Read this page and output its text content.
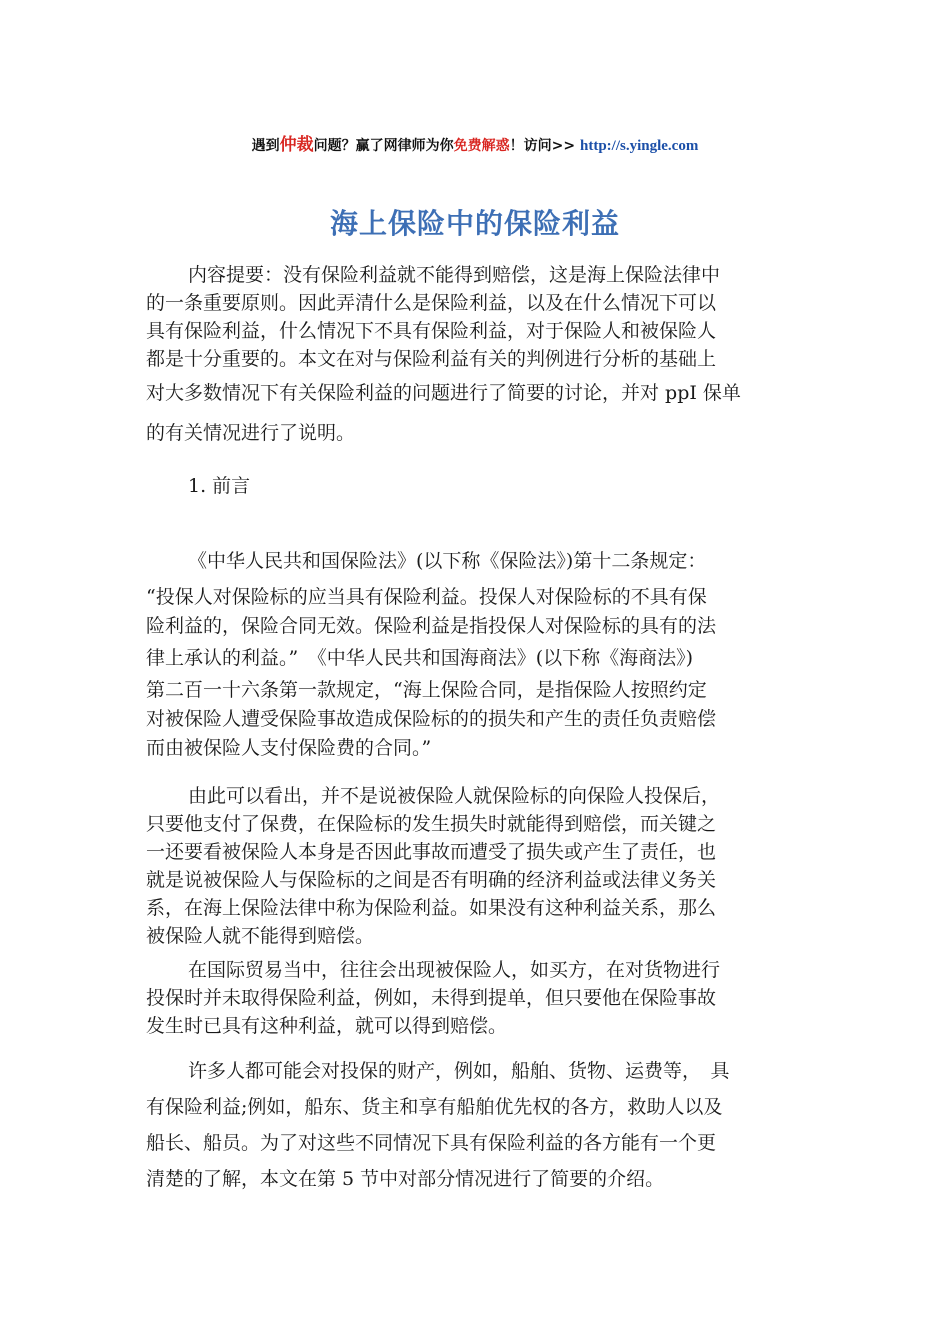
遇到仲裁问题？赢了网律师为你免费解惑！访问>> http://s.yingle.com
海上保险中的保险利益
内容提要：没有保险利益就不能得到赔偿，这是海上保险法律中
的一条重要原则。因此弄清什么是保险利益，以及在什么情况下可以
具有保险利益，什么情况下不具有保险利益，对于保险人和被保险人
都是十分重要的。本文在对与保险利益有关的判例进行分析的基础上
对大多数情况下有关保险利益的问题进行了简要的讨论，并对 ppI 保单
的有关情况进行了说明。
1. 前言
《中华人民共和国保险法》(以下称《保险法》)第十二条规定：
“投保人对保险标的应当具有保险利益。投保人对保险标的不具有保
险利益的，保险合同无效。保险利益是指投保人对保险标的具有的法
律上承认的利益。”　《中华人民共和国海商法》(以下称《海商法》)
第二百一十六条第一款规定，“海上保险合同，是指保险人按照约定
对被保险人遭受保险事故造成保险标的的损失和产生的责任负责赔偿
而由被保险人支付保险费的合同。”
由此可以看出，并不是说被保险人就保险标的向保险人投保后，
只要他支付了保费，在保险标的发生损失时就能得到赔偿，而关键之
一还要看被保险人本身是否因此事故而遭受了损失或产生了责任，也
就是说被保险人与保险标的之间是否有明确的经济利益或法律义务关
系，在海上保险法律中称为保险利益。如果没有这种利益关系，那么
被保险人就不能得到赔偿。
在国际贸易当中，往往会出现被保险人，如买方，在对货物进行
投保时并未取得保险利益，例如，未得到提单，但只要他在保险事故
发生时已具有这种利益，就可以得到赔偿。
许多人都可能会对投保的财产，例如，船舶、货物、运费等，　具
有保险利益;例如，船东、货主和享有船舶优先权的各方，救助人以及
船长、船员。为了对这些不同情况下具有保险利益的各方能有一个更
清楚的了解，本文在第 5 节中对部分情况进行了简要的介绍。
